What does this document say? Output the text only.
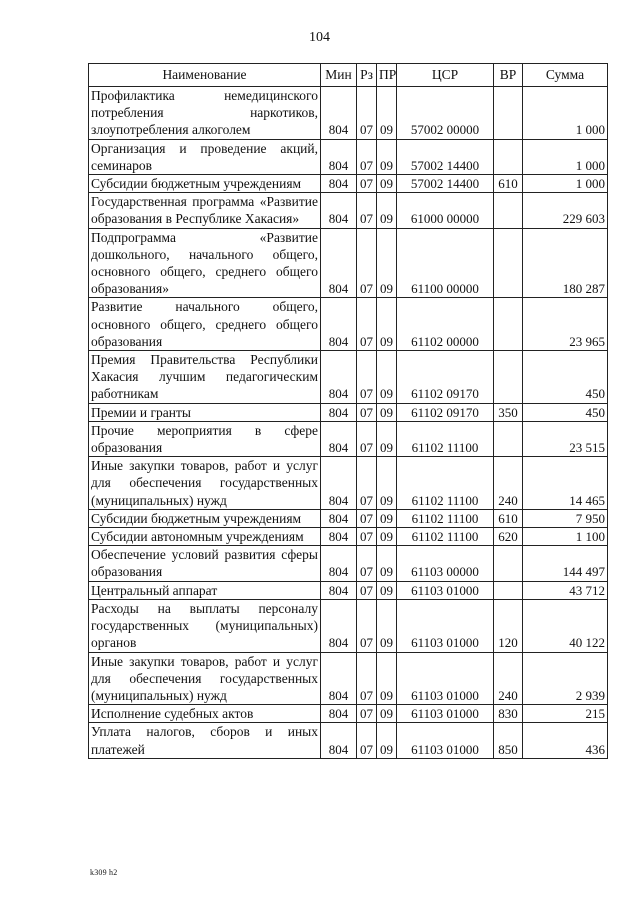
104
Наименование	Мин	Рз	ПР	ЦСР	ВР	Сумма
Профилактика немедицинского потребления наркотиков, злоупотребления алкоголем	804	07	09	57002 00000		1 000
Организация и проведение акций, семинаров	804	07	09	57002 14400		1 000
Субсидии бюджетным учреждениям	804	07	09	57002 14400	610	1 000
Государственная программа «Развитие образования в Республике Хакасия»	804	07	09	61000 00000		229 603
Подпрограмма «Развитие дошкольного, начального общего, основного общего, среднего общего образования»	804	07	09	61100 00000		180 287
Развитие начального общего, основного общего, среднего общего образования	804	07	09	61102 00000		23 965
Премия Правительства Республики Хакасия лучшим педагогическим работникам	804	07	09	61102 09170		450
Премии и гранты	804	07	09	61102 09170	350	450
Прочие мероприятия в сфере образования	804	07	09	61102 11100		23 515
Иные закупки товаров, работ и услуг для обеспечения государственных (муниципальных) нужд	804	07	09	61102 11100	240	14 465
Субсидии бюджетным учреждениям	804	07	09	61102 11100	610	7 950
Субсидии автономным учреждениям	804	07	09	61102 11100	620	1 100
Обеспечение условий развития сферы образования	804	07	09	61103 00000		144 497
Центральный аппарат	804	07	09	61103 01000		43 712
Расходы на выплаты персоналу государственных (муниципальных) органов	804	07	09	61103 01000	120	40 122
Иные закупки товаров, работ и услуг для обеспечения государственных (муниципальных) нужд	804	07	09	61103 01000	240	2 939
Исполнение судебных актов	804	07	09	61103 01000	830	215
Уплата налогов, сборов и иных платежей	804	07	09	61103 01000	850	436
k309 h2
